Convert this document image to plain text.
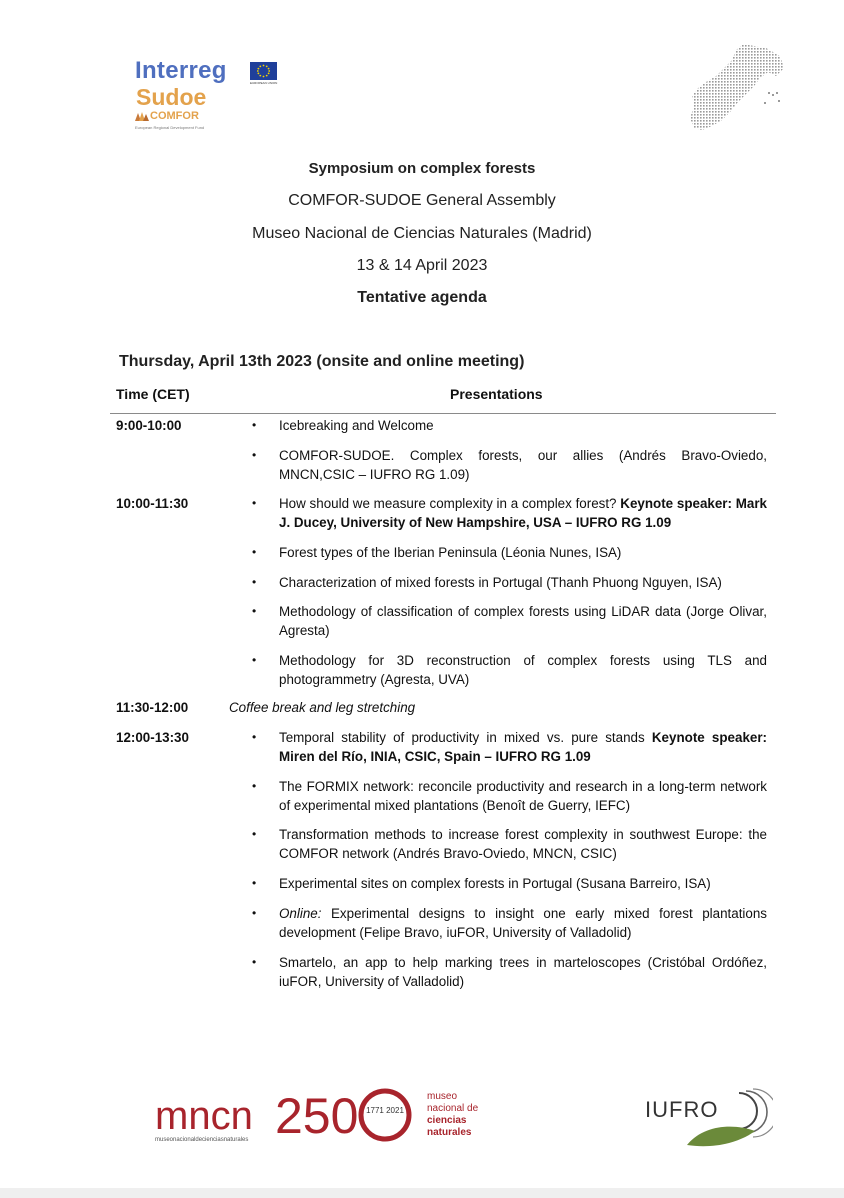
Interreg
Sudoe
COMFOR
European Regional Development Fund
EUROPEAN UNION
Symposium on complex forests
COMFOR-SUDOE General Assembly
Museo Nacional de Ciencias Naturales (Madrid)
13 & 14 April 2023
Tentative agenda
Thursday, April 13th 2023 (onsite and online meeting)
Time (CET)	Presentations
9:00-10:00	• Icebreaking and Welcome
• COMFOR-SUDOE. Complex forests, our allies (Andrés Bravo-Oviedo, MNCN,CSIC – IUFRO RG 1.09)
10:00-11:30	• How should we measure complexity in a complex forest? Keynote speaker: Mark J. Ducey, University of New Hampshire, USA – IUFRO RG 1.09
• Forest types of the Iberian Peninsula (Léonia Nunes, ISA)
• Characterization of mixed forests in Portugal (Thanh Phuong Nguyen, ISA)
• Methodology of classification of complex forests using LiDAR data (Jorge Olivar, Agresta)
• Methodology for 3D reconstruction of complex forests using TLS and photogrammetry (Agresta, UVA)
11:30-12:00	Coffee break and leg stretching
12:00-13:30	• Temporal stability of productivity in mixed vs. pure stands Keynote speaker: Miren del Río, INIA, CSIC, Spain – IUFRO RG 1.09
• The FORMIX network: reconcile productivity and research in a long-term network of experimental mixed plantations (Benoît de Guerry, IEFC)
• Transformation methods to increase forest complexity in southwest Europe: the COMFOR network (Andrés Bravo-Oviedo, MNCN, CSIC)
• Experimental sites on complex forests in Portugal (Susana Barreiro, ISA)
• Online: Experimental designs to insight one early mixed forest plantations development (Felipe Bravo, iuFOR, University of Valladolid)
• Smartelo, an app to help marking trees in marteloscopes (Cristóbal Ordóñez, iuFOR, University of Valladolid)
mncn 250 1771 2021
museonacionaldecienciasnaturales
museo
nacional de
ciencias
naturales
IUFRO
